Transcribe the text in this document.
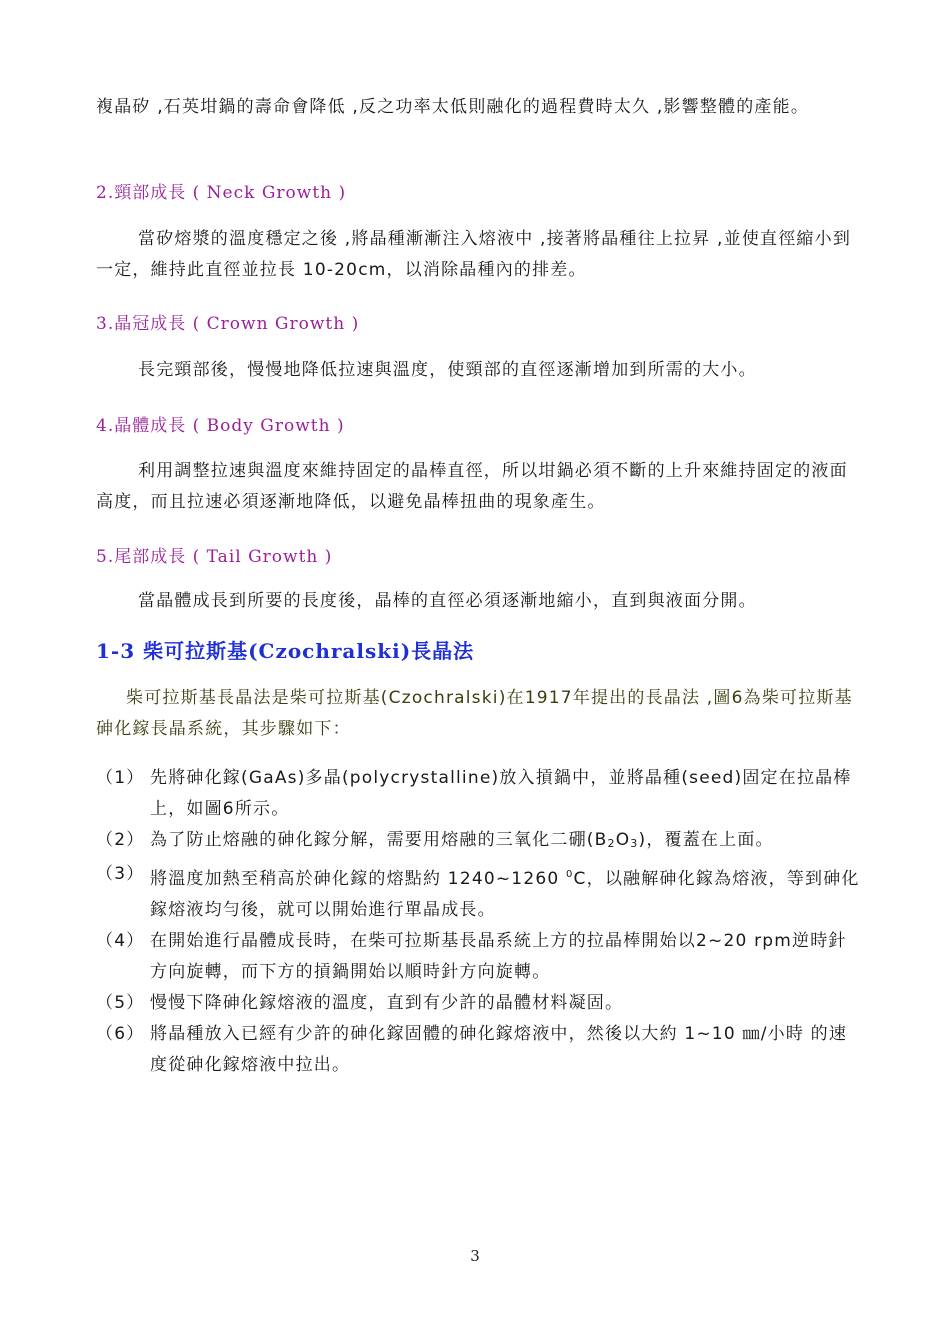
複晶矽 ,石英坩鍋的壽命會降低 ,反之功率太低則融化的過程費時太久 ,影響整體的產能。

2.頸部成長 ( Neck Growth )

當矽熔漿的溫度穩定之後 ,將晶種漸漸注入熔液中 ,接著將晶種往上拉昇 ,並使直徑縮小到一定，維持此直徑並拉長 10-20cm，以消除晶種內的排差。

3.晶冠成長 ( Crown Growth )

長完頸部後，慢慢地降低拉速與溫度，使頸部的直徑逐漸增加到所需的大小。

4.晶體成長 ( Body Growth )

利用調整拉速與溫度來維持固定的晶棒直徑，所以坩鍋必須不斷的上升來維持固定的液面高度，而且拉速必須逐漸地降低，以避免晶棒扭曲的現象產生。

5.尾部成長 ( Tail Growth )

當晶體成長到所要的長度後，晶棒的直徑必須逐漸地縮小，直到與液面分開。

1-3 柴可拉斯基(Czochralski)長晶法

柴可拉斯基長晶法是柴可拉斯基(Czochralski)在1917年提出的長晶法 ,圖6為柴可拉斯基砷化鎵長晶系統，其步驟如下：

（1） 先將砷化鎵(GaAs)多晶(polycrystalline)放入摃鍋中，並將晶種(seed)固定在拉晶棒上，如圖6所示。
（2） 為了防止熔融的砷化鎵分解，需要用熔融的三氧化二硼(B2O3)，覆蓋在上面。
（3） 將溫度加熱至稍高於砷化鎵的熔點約 1240~1260 $^0$C，以融解砷化鎵為熔液，等到砷化鎵熔液均勻後，就可以開始進行單晶成長。
（4） 在開始進行晶體成長時，在柴可拉斯基長晶系統上方的拉晶棒開始以2~20 rpm逆時針方向旋轉，而下方的摃鍋開始以順時針方向旋轉。
（5） 慢慢下降砷化鎵熔液的溫度，直到有少許的晶體材料凝固。
（6） 將晶種放入已經有少許的砷化鎵固體的砷化鎵熔液中，然後以大約 1~10 ㎜/小時 的速度從砷化鎵熔液中拉出。
3
